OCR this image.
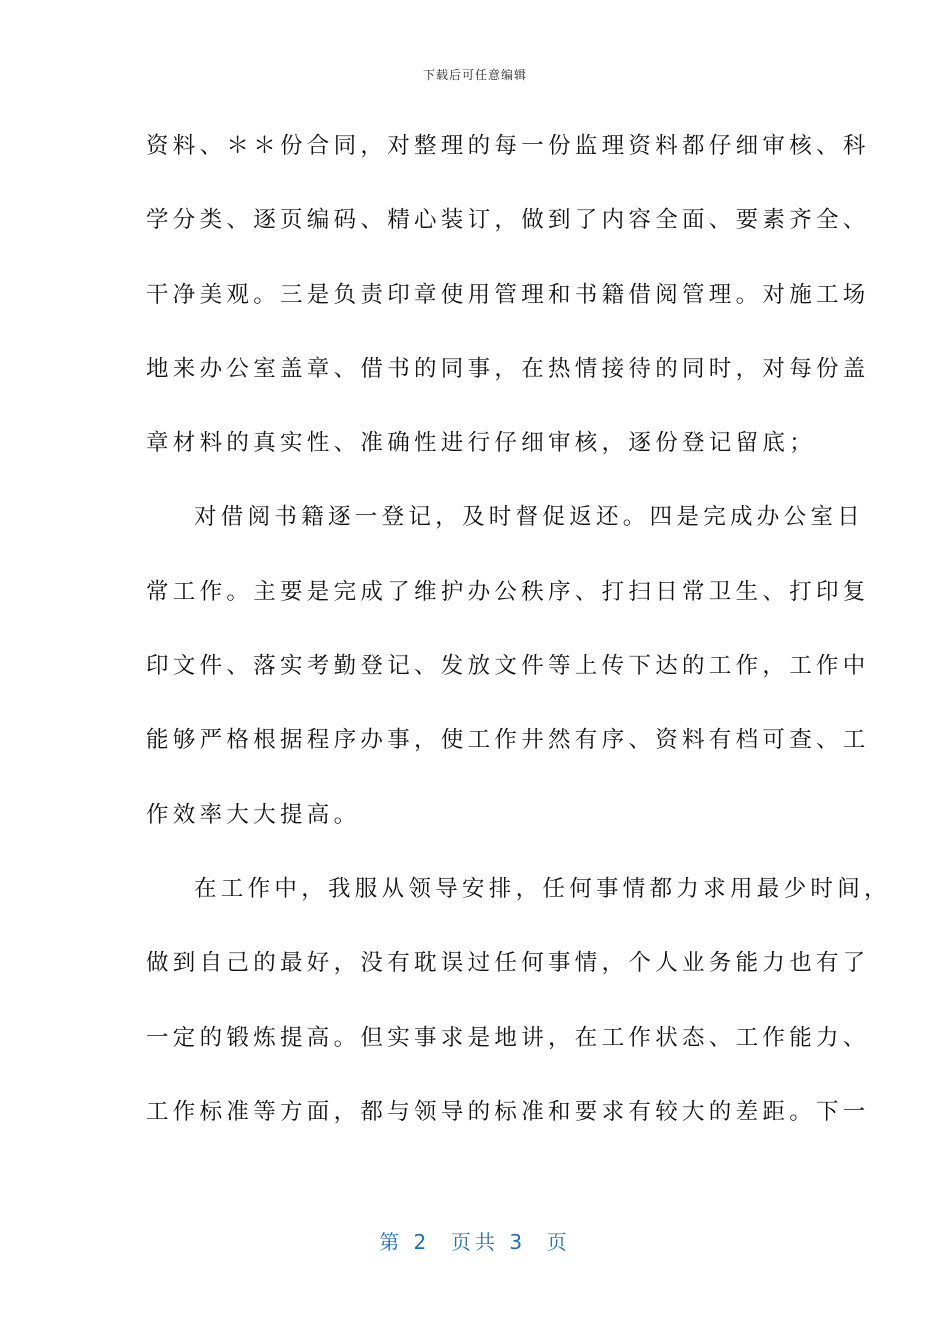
下载后可任意编辑
资料、＊＊份合同，对整理的每一份监理资料都仔细审核、科
学分类、逐页编码、精心装订，做到了内容全面、要素齐全、
干净美观。三是负责印章使用管理和书籍借阅管理。对施工场
地来办公室盖章、借书的同事，在热情接待的同时，对每份盖
章材料的真实性、准确性进行仔细审核，逐份登记留底；
对借阅书籍逐一登记，及时督促返还。四是完成办公室日
常工作。主要是完成了维护办公秩序、打扫日常卫生、打印复
印文件、落实考勤登记、发放文件等上传下达的工作，工作中
能够严格根据程序办事，使工作井然有序、资料有档可查、工
作效率大大提高。
在工作中，我服从领导安排，任何事情都力求用最少时间，
做到自己的最好，没有耽误过任何事情，个人业务能力也有了
一定的锻炼提高。但实事求是地讲，在工作状态、工作能力、
工作标准等方面，都与领导的标准和要求有较大的差距。下一
第 2  页共 3  页
